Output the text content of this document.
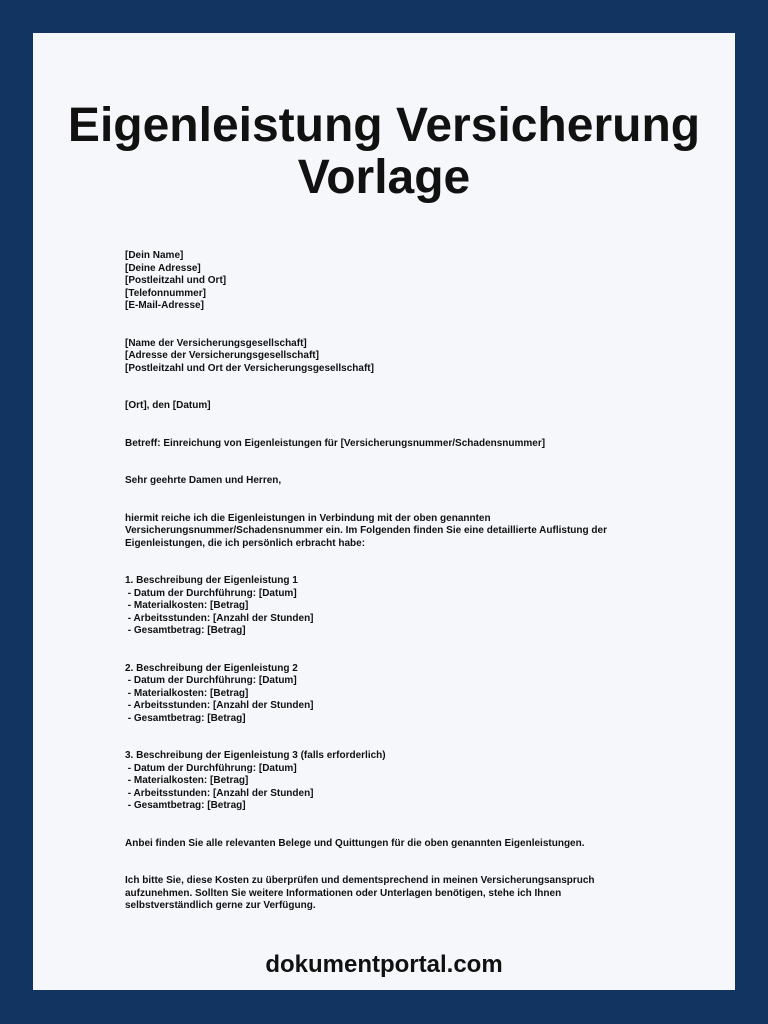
Eigenleistung Versicherung Vorlage
[Dein Name]
[Deine Adresse]
[Postleitzahl und Ort]
[Telefonnummer]
[E-Mail-Adresse]
[Name der Versicherungsgesellschaft]
[Adresse der Versicherungsgesellschaft]
[Postleitzahl und Ort der Versicherungsgesellschaft]
[Ort], den [Datum]
Betreff: Einreichung von Eigenleistungen für [Versicherungsnummer/Schadensnummer]
Sehr geehrte Damen und Herren,
hiermit reiche ich die Eigenleistungen in Verbindung mit der oben genannten Versicherungsnummer/Schadensnummer ein. Im Folgenden finden Sie eine detaillierte Auflistung der Eigenleistungen, die ich persönlich erbracht habe:
1. Beschreibung der Eigenleistung 1
- Datum der Durchführung: [Datum]
- Materialkosten: [Betrag]
- Arbeitsstunden: [Anzahl der Stunden]
- Gesamtbetrag: [Betrag]
2. Beschreibung der Eigenleistung 2
- Datum der Durchführung: [Datum]
- Materialkosten: [Betrag]
- Arbeitsstunden: [Anzahl der Stunden]
- Gesamtbetrag: [Betrag]
3. Beschreibung der Eigenleistung 3 (falls erforderlich)
- Datum der Durchführung: [Datum]
- Materialkosten: [Betrag]
- Arbeitsstunden: [Anzahl der Stunden]
- Gesamtbetrag: [Betrag]
Anbei finden Sie alle relevanten Belege und Quittungen für die oben genannten Eigenleistungen.
Ich bitte Sie, diese Kosten zu überprüfen und dementsprechend in meinen Versicherungsanspruch aufzunehmen. Sollten Sie weitere Informationen oder Unterlagen benötigen, stehe ich Ihnen selbstverständlich gerne zur Verfügung.
dokumentportal.com
